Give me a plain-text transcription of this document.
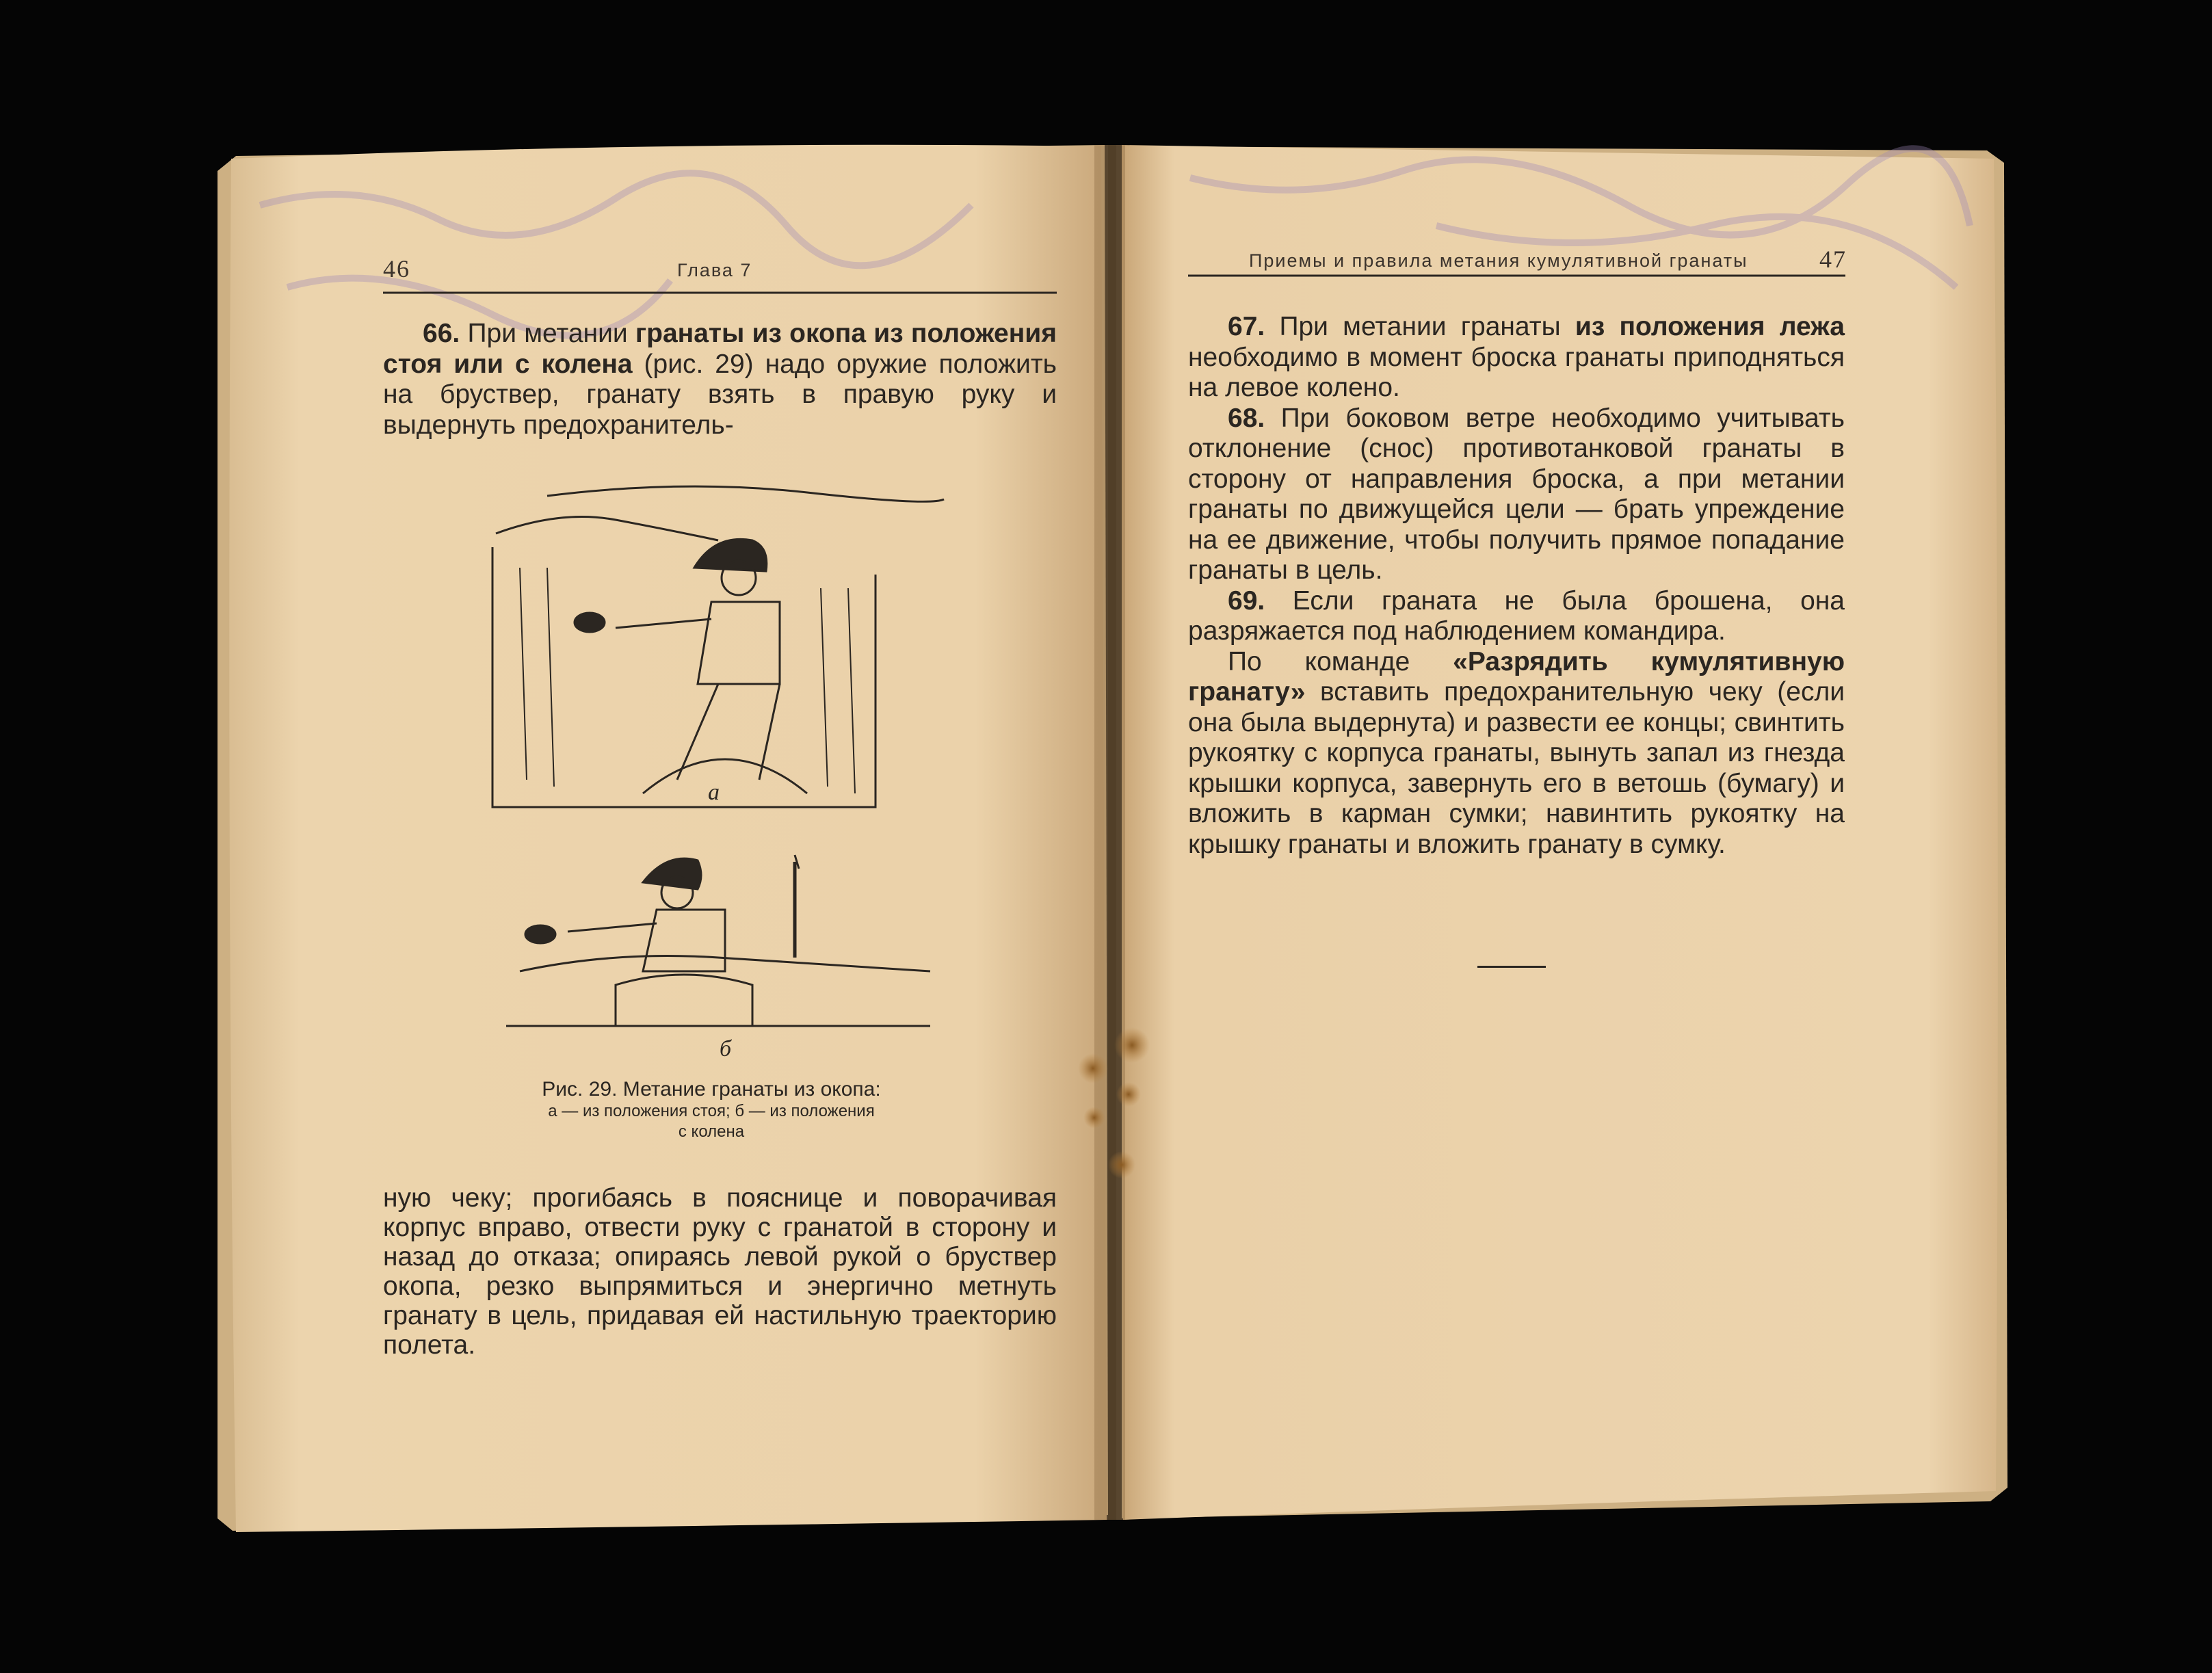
46	Глава 7

66. При метании гранаты из окопа из положения стоя или с колена (рис. 29) надо оружие положить на бруствер, гранату взять в правую руку и выдернуть предохранитель-

а
б
Рис. 29. Метание гранаты из окопа:
а — из положения стоя; б — из положения
с колена

ную чеку; прогибаясь в пояснице и поворачивая корпус вправо, отвести руку с гранатой в сторону и назад до отказа; опираясь левой рукой о бруствер окопа, резко выпрямиться и энергично метнуть гранату в цель, придавая ей настильную траекторию полета.

Приемы и правила метания кумулятивной гранаты	47

67. При метании гранаты из положения лежа необходимо в момент броска гранаты приподняться на левое колено.

68. При боковом ветре необходимо учитывать отклонение (снос) противотанковой гранаты в сторону от направления броска, а при метании гранаты по движущейся цели — брать упреждение на ее движение, чтобы получить прямое попадание гранаты в цель.

69. Если граната не была брошена, она разряжается под наблюдением командира.

По команде «Разрядить кумулятивную гранату» вставить предохранительную чеку (если она была выдернута) и развести ее концы; свинтить рукоятку с корпуса гранаты, вынуть запал из гнезда крышки корпуса, завернуть его в ветошь (бумагу) и вложить в карман сумки; навинтить рукоятку на крышку гранаты и вложить гранату в сумку.
